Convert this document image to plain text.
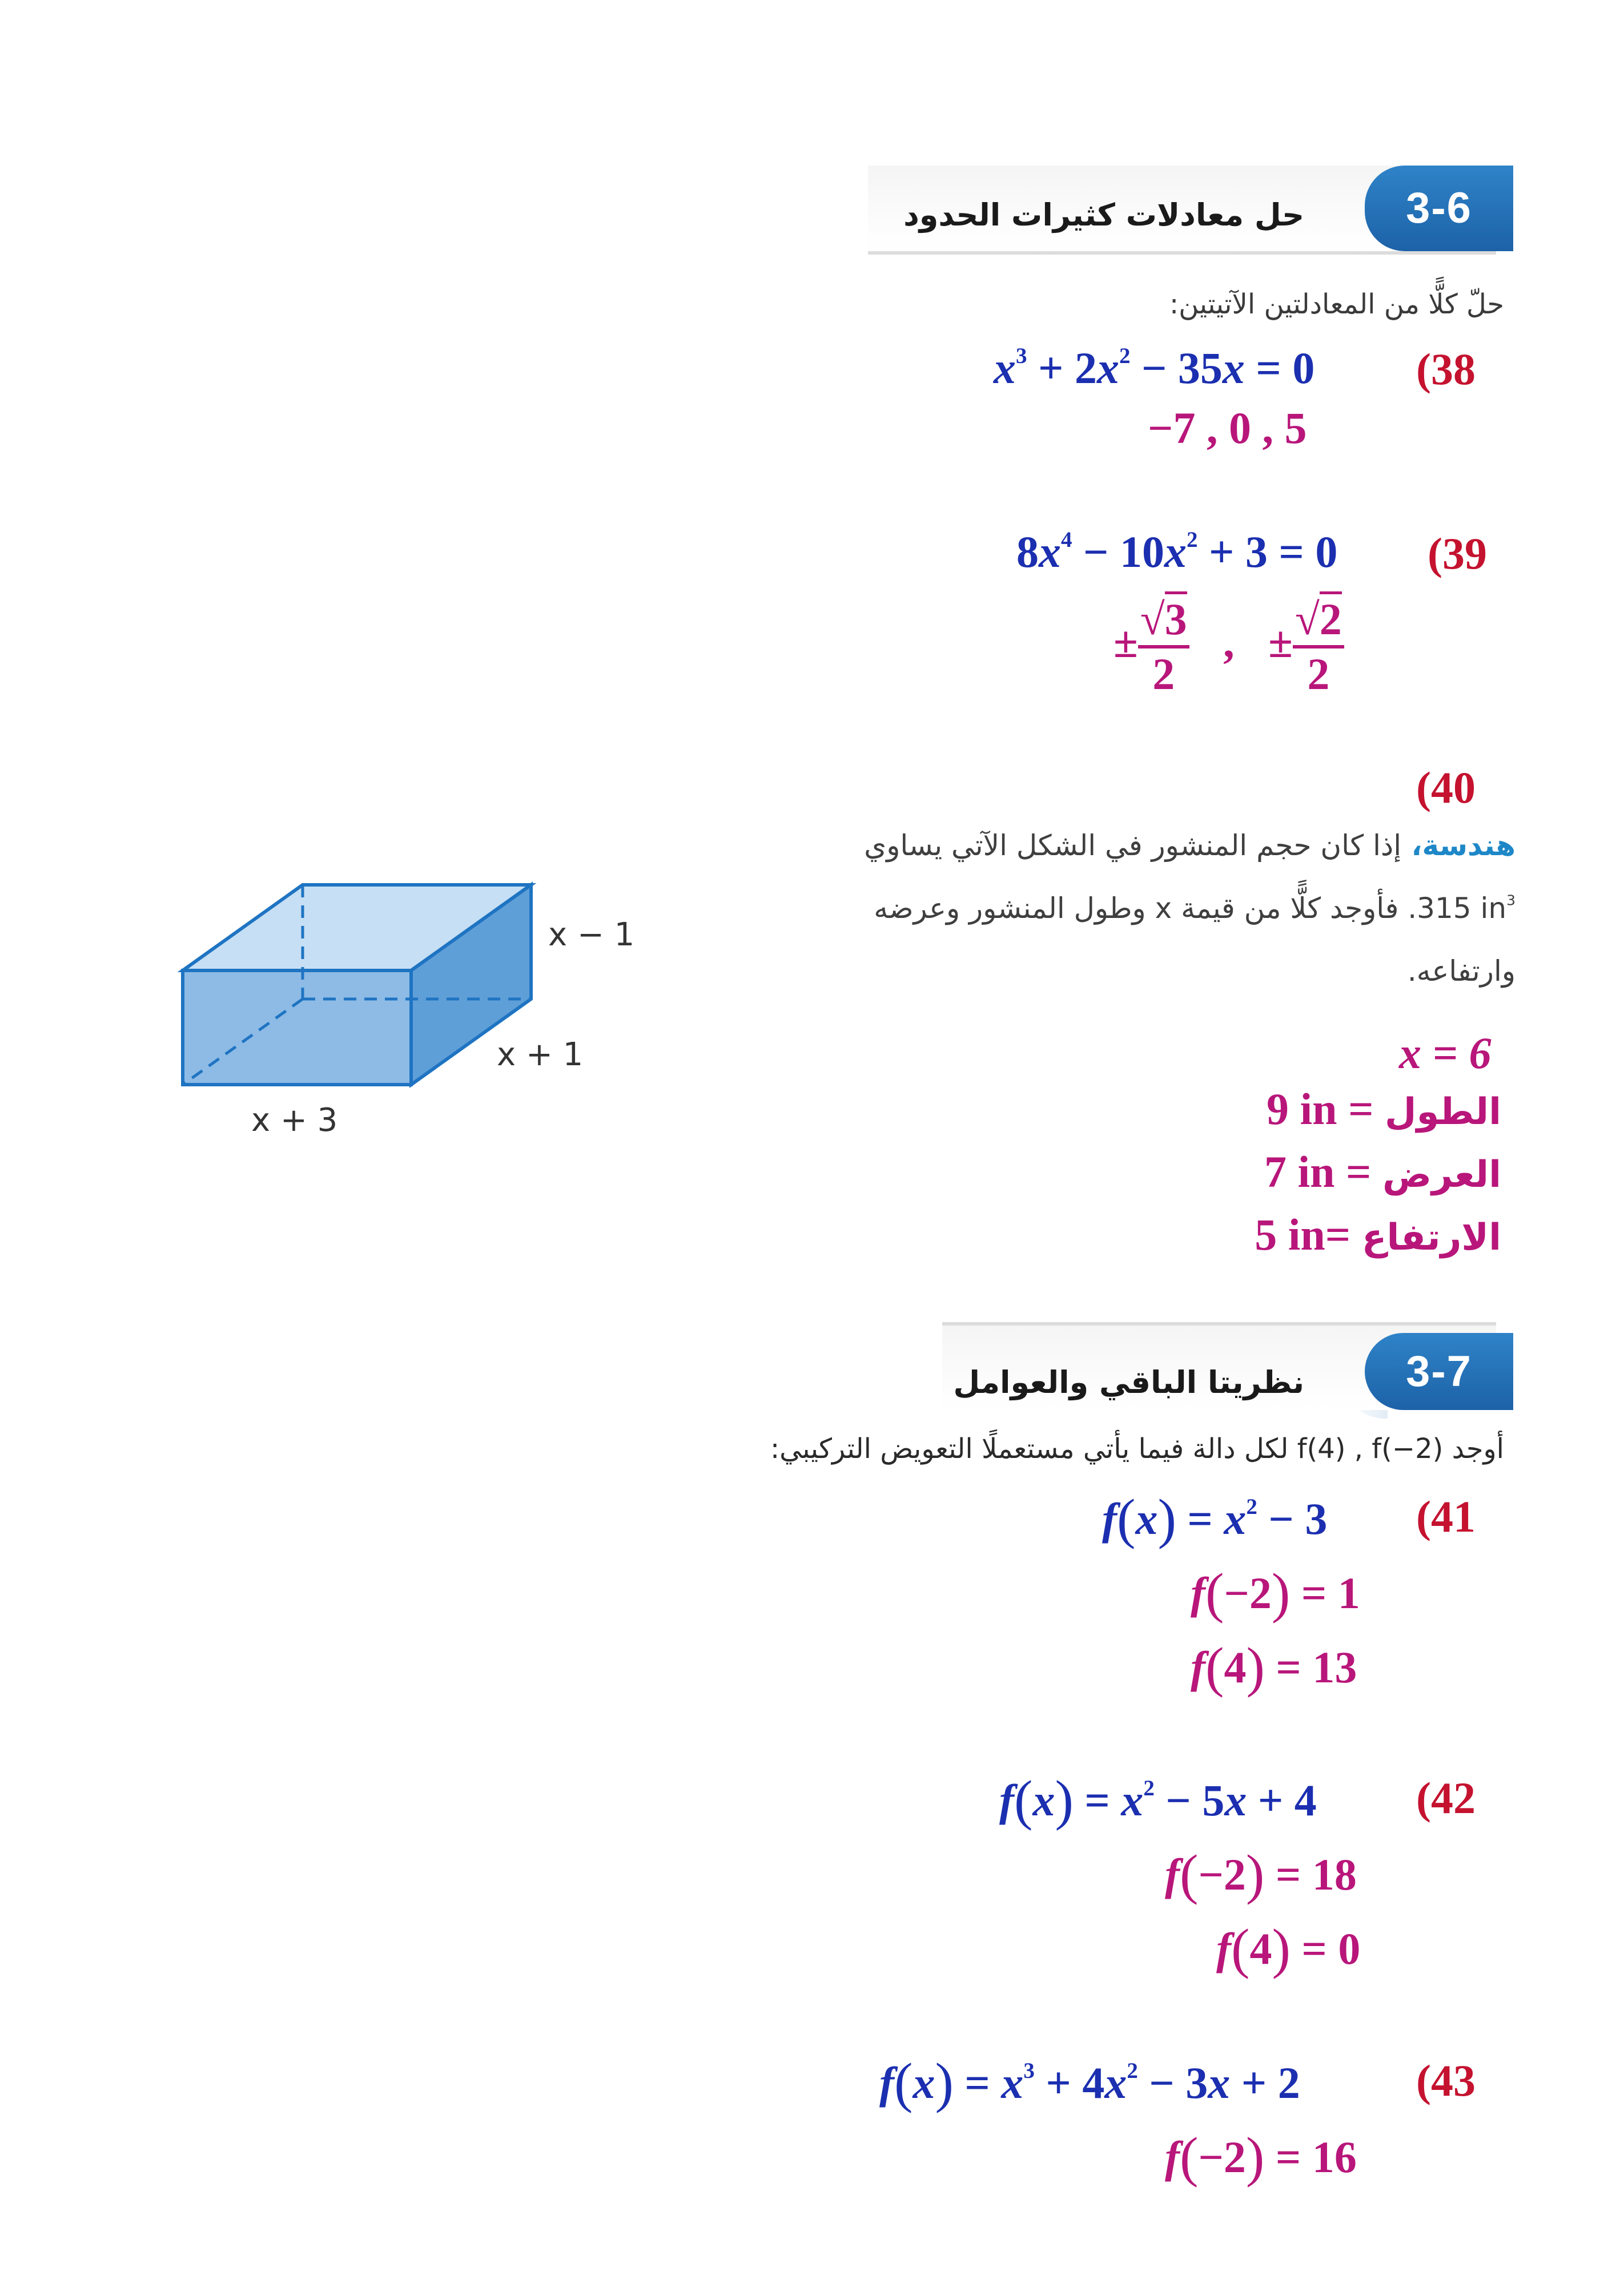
3-6
حل معادلات كثيرات الحدود
حلّ كلًّا من المعادلتين الآتيتين:
(38
$x^3 + 2x^2 - 35x = 0$
−7 , 0 , 5
(39
$8x^4 - 10x^2 + 3 = 0$
± $\frac{√3}{2}$ , ± $\frac{√2}{2}$
(40
هندسة، إذا كان حجم المنشور في الشكل الآتي يساوي
315 $in^3$. فأوجد كلًّا من قيمة x وطول المنشور وعرضه
وارتفاعه.
x − 1
x + 1
x + 3
x = 6
9 in = الطول
7 in = العرض
5 in= الارتفاع
3-7
نظريتا الباقي والعوامل
أوجد f(4) , f(−2) لكل دالة فيما يأتي مستعملًا التعويض التركيبي:
(41
$f(x) = x^2 - 3$
f(−2) = 1
f(4) = 13
(42
$f(x) = x^2 - 5x + 4$
f(−2) = 18
f(4) = 0
(43
$f(x) = x^3 + 4x^2 - 3x + 2$
f(−2) = 16
